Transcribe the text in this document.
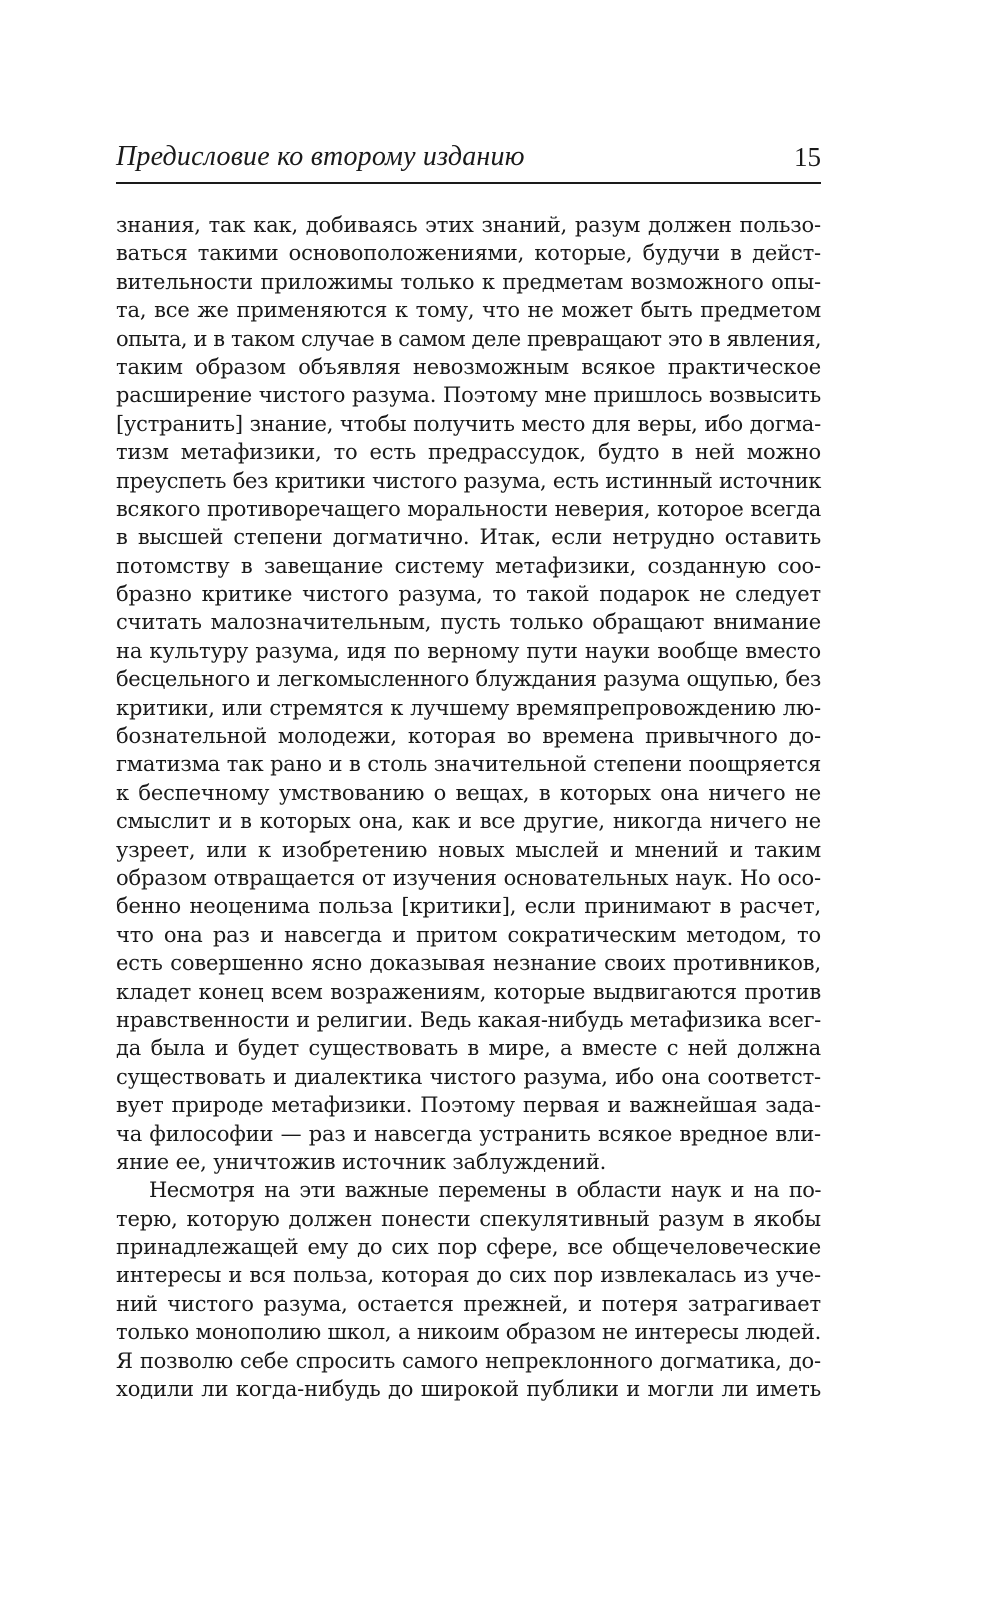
Предисловие ко второму изданию	15
знания, так как, добиваясь этих знаний, разум должен пользо-
ваться такими основоположениями, которые, будучи в дейст-
вительности приложимы только к предметам возможного опы-
та, все же применяются к тому, что не может быть предметом
опыта, и в таком случае в самом деле превращают это в явления,
таким образом объявляя невозможным всякое практическое
расширение чистого разума. Поэтому мне пришлось возвысить
[устранить] знание, чтобы получить место для веры, ибо догма-
тизм метафизики, то есть предрассудок, будто в ней можно
преуспеть без критики чистого разума, есть истинный источник
всякого противоречащего моральности неверия, которое всегда
в высшей степени догматично. Итак, если нетрудно оставить
потомству в завещание систему метафизики, созданную соо-
бразно критике чистого разума, то такой подарок не следует
считать малозначительным, пусть только обращают внимание
на культуру разума, идя по верному пути науки вообще вместо
бесцельного и легкомысленного блуждания разума ощупью, без
критики, или стремятся к лучшему времяпрепровождению лю-
бознательной молодежи, которая во времена привычного до-
гматизма так рано и в столь значительной степени поощряется
к беспечному умствованию о вещах, в которых она ничего не
смыслит и в которых она, как и все другие, никогда ничего не
узреет, или к изобретению новых мыслей и мнений и таким
образом отвращается от изучения основательных наук. Но осо-
бенно неоценима польза [критики], если принимают в расчет,
что она раз и навсегда и притом сократическим методом, то
есть совершенно ясно доказывая незнание своих противников,
кладет конец всем возражениям, которые выдвигаются против
нравственности и религии. Ведь какая-нибудь метафизика всег-
да была и будет существовать в мире, а вместе с ней должна
существовать и диалектика чистого разума, ибо она соответст-
вует природе метафизики. Поэтому первая и важнейшая зада-
ча философии — раз и навсегда устранить всякое вредное вли-
яние ее, уничтожив источник заблуждений.
Несмотря на эти важные перемены в области наук и на по-
терю, которую должен понести спекулятивный разум в якобы
принадлежащей ему до сих пор сфере, все общечеловеческие
интересы и вся польза, которая до сих пор извлекалась из уче-
ний чистого разума, остается прежней, и потеря затрагивает
только монополию школ, а никоим образом не интересы людей.
Я позволю себе спросить самого непреклонного догматика, до-
ходили ли когда-нибудь до широкой публики и могли ли иметь
